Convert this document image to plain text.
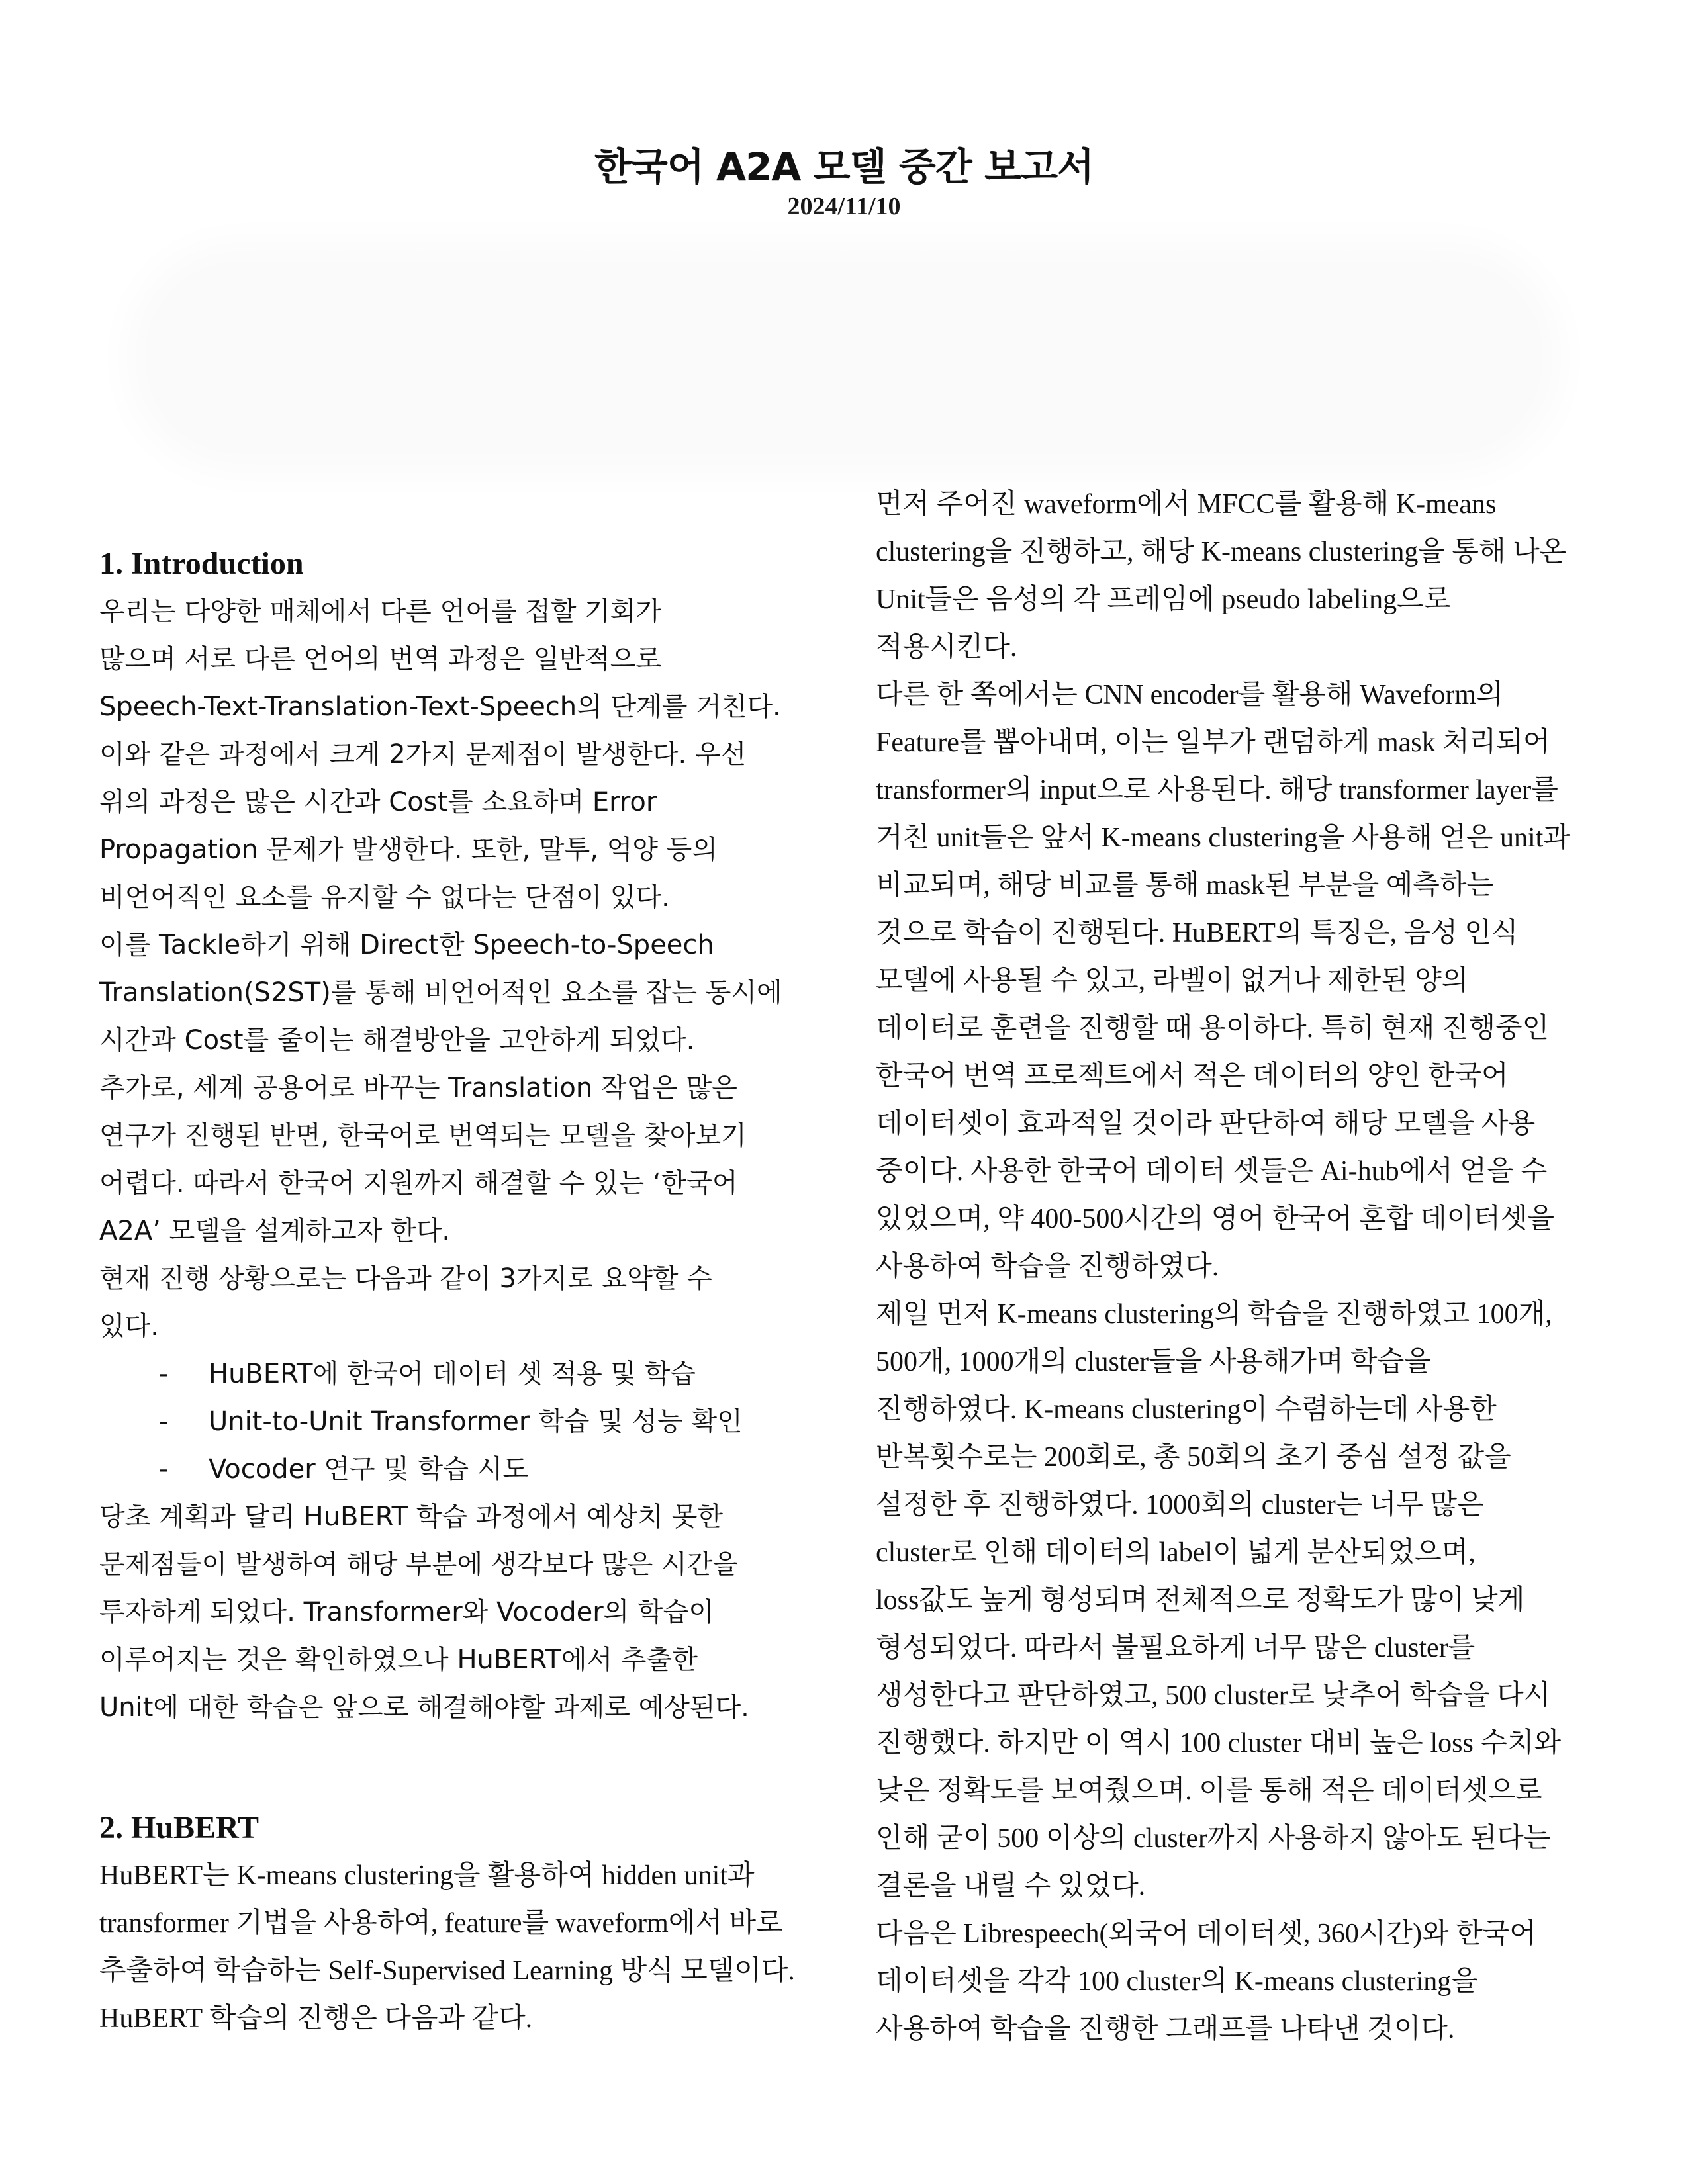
한국어 A2A 모델 중간 보고서
2024/11/10
1. Introduction
우리는 다양한 매체에서 다른 언어를 접할 기회가
많으며 서로 다른 언어의 번역 과정은 일반적으로
Speech-Text-Translation-Text-Speech의 단계를 거친다.
이와 같은 과정에서 크게 2가지 문제점이 발생한다. 우선
위의 과정은 많은 시간과 Cost를 소요하며 Error
Propagation 문제가 발생한다. 또한, 말투, 억양 등의
비언어직인 요소를 유지할 수 없다는 단점이 있다.
이를 Tackle하기 위해 Direct한 Speech-to-Speech
Translation(S2ST)를 통해 비언어적인 요소를 잡는 동시에
시간과 Cost를 줄이는 해결방안을 고안하게 되었다.
추가로, 세계 공용어로 바꾸는 Translation 작업은 많은
연구가 진행된 반면, 한국어로 번역되는 모델을 찾아보기
어렵다. 따라서 한국어 지원까지 해결할 수 있는 ‘한국어
A2A’ 모델을 설계하고자 한다.
현재 진행 상황으로는 다음과 같이 3가지로 요약할 수
있다.
- HuBERT에 한국어 데이터 셋 적용 및 학습
- Unit-to-Unit Transformer 학습 및 성능 확인
- Vocoder 연구 및 학습 시도
당초 계획과 달리 HuBERT 학습 과정에서 예상치 못한
문제점들이 발생하여 해당 부분에 생각보다 많은 시간을
투자하게 되었다. Transformer와 Vocoder의 학습이
이루어지는 것은 확인하였으나 HuBERT에서 추출한
Unit에 대한 학습은 앞으로 해결해야할 과제로 예상된다.
2. HuBERT
HuBERT는 K-means clustering을 활용하여 hidden unit과
transformer 기법을 사용하여, feature를 waveform에서 바로
추출하여 학습하는 Self-Supervised Learning 방식 모델이다.
HuBERT 학습의 진행은 다음과 같다.
먼저 주어진 waveform에서 MFCC를 활용해 K-means
clustering을 진행하고, 해당 K-means clustering을 통해 나온
Unit들은 음성의 각 프레임에 pseudo labeling으로
적용시킨다.
다른 한 쪽에서는 CNN encoder를 활용해 Waveform의
Feature를 뽑아내며, 이는 일부가 랜덤하게 mask 처리되어
transformer의 input으로 사용된다. 해당 transformer layer를
거친 unit들은 앞서 K-means clustering을 사용해 얻은 unit과
비교되며, 해당 비교를 통해 mask된 부분을 예측하는
것으로 학습이 진행된다. HuBERT의 특징은, 음성 인식
모델에 사용될 수 있고, 라벨이 없거나 제한된 양의
데이터로 훈련을 진행할 때 용이하다. 특히 현재 진행중인
한국어 번역 프로젝트에서 적은 데이터의 양인 한국어
데이터셋이 효과적일 것이라 판단하여 해당 모델을 사용
중이다. 사용한 한국어 데이터 셋들은 Ai-hub에서 얻을 수
있었으며, 약 400-500시간의 영어 한국어 혼합 데이터셋을
사용하여 학습을 진행하였다.
제일 먼저 K-means clustering의 학습을 진행하였고 100개,
500개, 1000개의 cluster들을 사용해가며 학습을
진행하였다. K-means clustering이 수렴하는데 사용한
반복횟수로는 200회로, 총 50회의 초기 중심 설정 값을
설정한 후 진행하였다. 1000회의 cluster는 너무 많은
cluster로 인해 데이터의 label이 넓게 분산되었으며,
loss값도 높게 형성되며 전체적으로 정확도가 많이 낮게
형성되었다. 따라서 불필요하게 너무 많은 cluster를
생성한다고 판단하였고, 500 cluster로 낮추어 학습을 다시
진행했다. 하지만 이 역시 100 cluster 대비 높은 loss 수치와
낮은 정확도를 보여줬으며. 이를 통해 적은 데이터셋으로
인해 굳이 500 이상의 cluster까지 사용하지 않아도 된다는
결론을 내릴 수 있었다.
다음은 Librespeech(외국어 데이터셋, 360시간)와 한국어
데이터셋을 각각 100 cluster의 K-means clustering을
사용하여 학습을 진행한 그래프를 나타낸 것이다.
